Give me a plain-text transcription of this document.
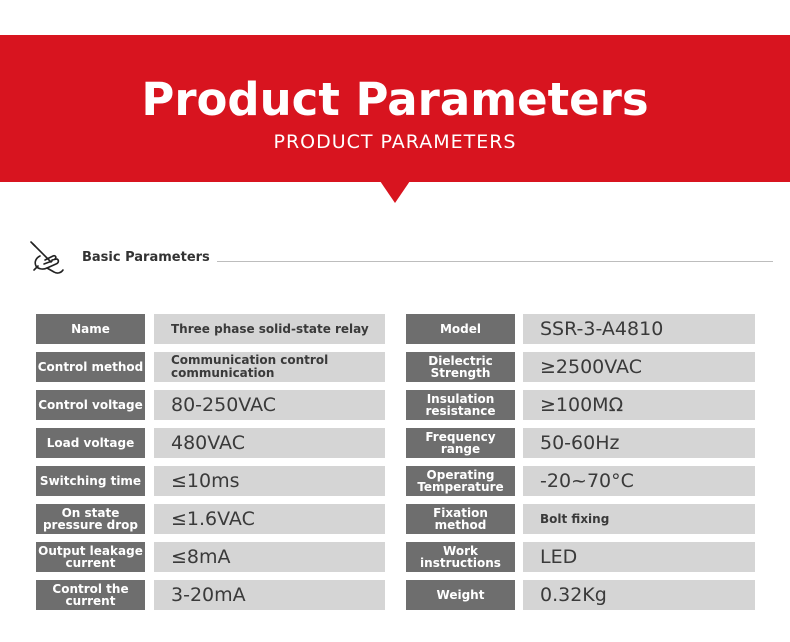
Product Parameters
PRODUCT PARAMETERS
Basic Parameters
Name	Three phase solid-state relay
Control method	Communication control communication
Control voltage	80-250VAC
Load voltage	480VAC
Switching time	≤10ms
On state pressure drop	≤1.6VAC
Output leakage current	≤8mA
Control the current	3-20mA
Model	SSR-3-A4810
Dielectric Strength	≥2500VAC
Insulation resistance	≥100MΩ
Frequency range	50-60Hz
Operating Temperature	-20~70°C
Fixation method	Bolt fixing
Work instructions	LED
Weight	0.32Kg
